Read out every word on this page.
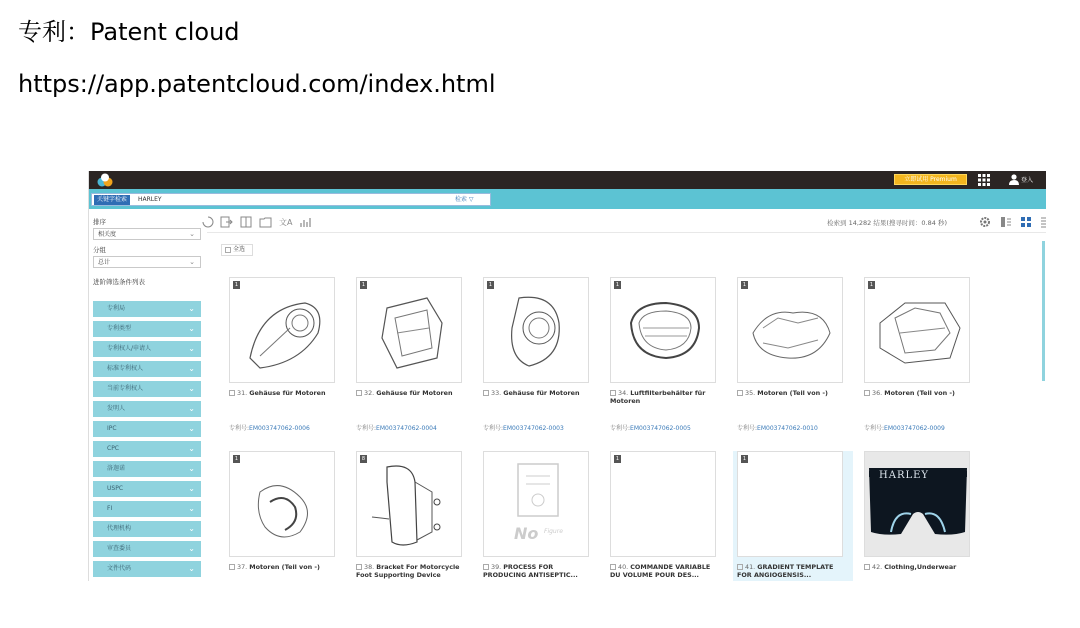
专利：Patent cloud
https://app.patentcloud.com/index.html
立即试用 Premium	登入
关键字检索	HARLEY	检索 ▽
排序
相关度	⌄
分组
总计	⌄
进阶筛选条件列表
专利局	⌄
专利类型	⌄
专利权人/申请人	⌄
标准专利权人	⌄
当前专利权人	⌄
发明人	⌄
IPC	⌄
CPC	⌄
洛迦诺	⌄
USPC	⌄
FI	⌄
代理机构	⌄
审查委员	⌄
文件代码	⌄
文A	检索到 14,282 结果(搜寻时间：0.84 秒)
全选
1
31. Gehäuse für Motoren
专利号:EM003747062-0006
1
32. Gehäuse für Motoren
专利号:EM003747062-0004
1
33. Gehäuse für Motoren
专利号:EM003747062-0003
1
34. Luftfilterbehälter für Motoren
专利号:EM003747062-0005
1
35. Motoren (Teil von -)
专利号:EM003747062-0010
1
36. Motoren (Teil von -)
专利号:EM003747062-0009
1
37. Motoren (Teil von -)
8
38. Bracket For Motorcycle Foot Supporting Device
No Figure
39. PROCESS FOR PRODUCING ANTISEPTIC...
1
40. COMMANDE VARIABLE DU VOLUME POUR DES...
1
41. GRADIENT TEMPLATE FOR ANGIOGENSIS...
HARLEY
42. Clothing,Underwear
